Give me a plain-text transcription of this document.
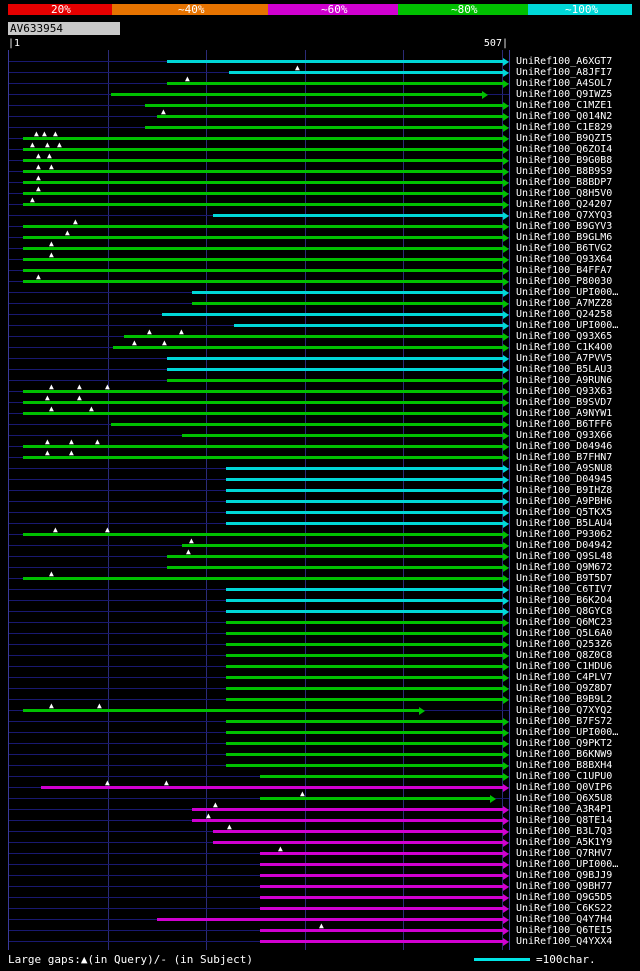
20%	~40%	~60%	~80%	~100%
AV633954
|1	507|
▲
▲
▲
▲ ▲ ▲
▲ ▲ ▲
▲ ▲
▲ ▲
▲
▲
▲
▲
▲
▲
▲
▲
▲	▲
▲	▲
▲	▲	▲
▲	▲
▲	▲
▲ ▲	▲
▲ ▲
▲	▲
▲
▲
▲
▲	▲
▲	▲
▲
▲
▲
▲
▲
▲
UniRef100_A6XGT7
UniRef100_A8JFI7
UniRef100_A4SOL7
UniRef100_Q9IWZ5
UniRef100_C1MZE1
UniRef100_Q014N2
UniRef100_C1E829
UniRef100_B9QZI5
UniRef100_Q6ZOI4
UniRef100_B9G0B8
UniRef100_B8B9S9
UniRef100_B8BDP7
UniRef100_Q8H5V0
UniRef100_Q24207
UniRef100_Q7XYQ3
UniRef100_B9GYV3
UniRef100_B9GLM6
UniRef100_B6TVG2
UniRef100_Q93X64
UniRef100_B4FFA7
UniRef100_P80030
UniRef100_UPI000…
UniRef100_A7MZZ8
UniRef100_Q24258
UniRef100_UPI000…
UniRef100_Q93X65
UniRef100_C1K4O0
UniRef100_A7PVV5
UniRef100_B5LAU3
UniRef100_A9RUN6
UniRef100_Q93X63
UniRef100_B9SVD7
UniRef100_A9NYW1
UniRef100_B6TFF6
UniRef100_Q93X66
UniRef100_D04946
UniRef100_B7FHN7
UniRef100_A9SNU8
UniRef100_D04945
UniRef100_B9IHZ8
UniRef100_A9PBH6
UniRef100_Q5TKX5
UniRef100_B5LAU4
UniRef100_P93062
UniRef100_D04942
UniRef100_Q9SL48
UniRef100_Q9M672
UniRef100_B9T5D7
UniRef100_C6TIV7
UniRef100_B6K2O4
UniRef100_Q8GYC8
UniRef100_Q6MC23
UniRef100_Q5L6A0
UniRef100_Q253Z6
UniRef100_Q8Z0C8
UniRef100_C1HDU6
UniRef100_C4PLV7
UniRef100_Q9Z8D7
UniRef100_B9B9L2
UniRef100_Q7XYQ2
UniRef100_B7FS72
UniRef100_UPI000…
UniRef100_Q9PKT2
UniRef100_B6KNW9
UniRef100_B8BXH4
UniRef100_C1UPU0
UniRef100_Q0VIP6
UniRef100_Q6X5U8
UniRef100_A3R4P1
UniRef100_Q8TE14
UniRef100_B3L7Q3
UniRef100_A5K1Y9
UniRef100_Q7RHV7
UniRef100_UPI000…
UniRef100_Q9BJJ9
UniRef100_Q9BH77
UniRef100_Q9G5D5
UniRef100_C6KS22
UniRef100_Q4Y7H4
UniRef100_Q6TEI5
UniRef100_Q4YXX4
Large gaps:▲(in Query)/- (in Subject)	=100char.
